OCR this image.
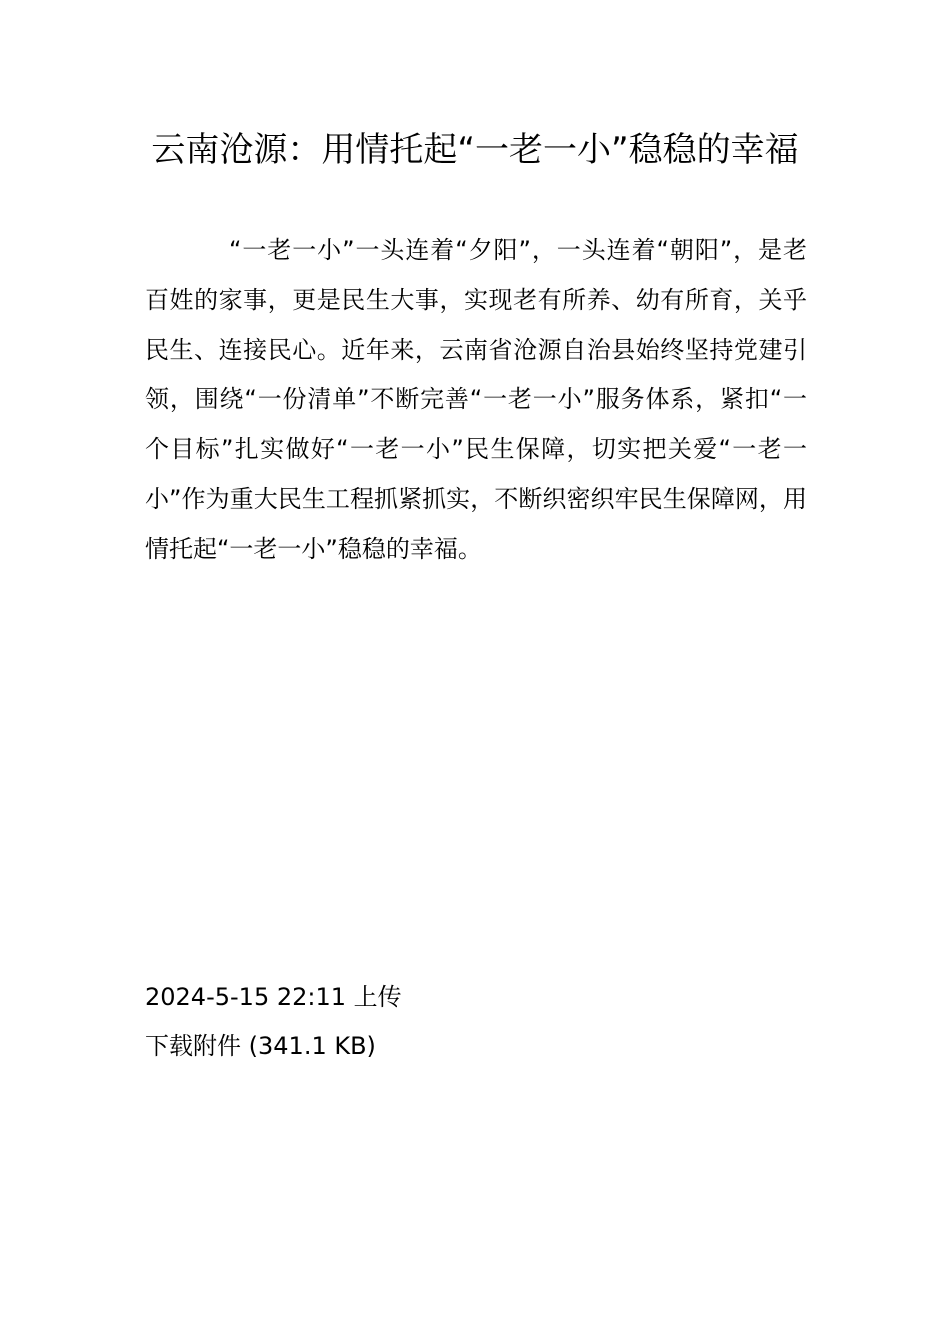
云南沧源：用情托起“一老一小”稳稳的幸福

“一老一小”一头连着“夕阳”，一头连着“朝阳”，是老百姓的家事，更是民生大事，实现老有所养、幼有所育，关乎民生、连接民心。近年来，云南省沧源自治县始终坚持党建引领，围绕“一份清单”不断完善“一老一小”服务体系，紧扣“一个目标”扎实做好“一老一小”民生保障，切实把关爱“一老一小”作为重大民生工程抓紧抓实，不断织密织牢民生保障网，用情托起“一老一小”稳稳的幸福。

2024-5-15 22:11 上传
下载附件 (341.1 KB)
